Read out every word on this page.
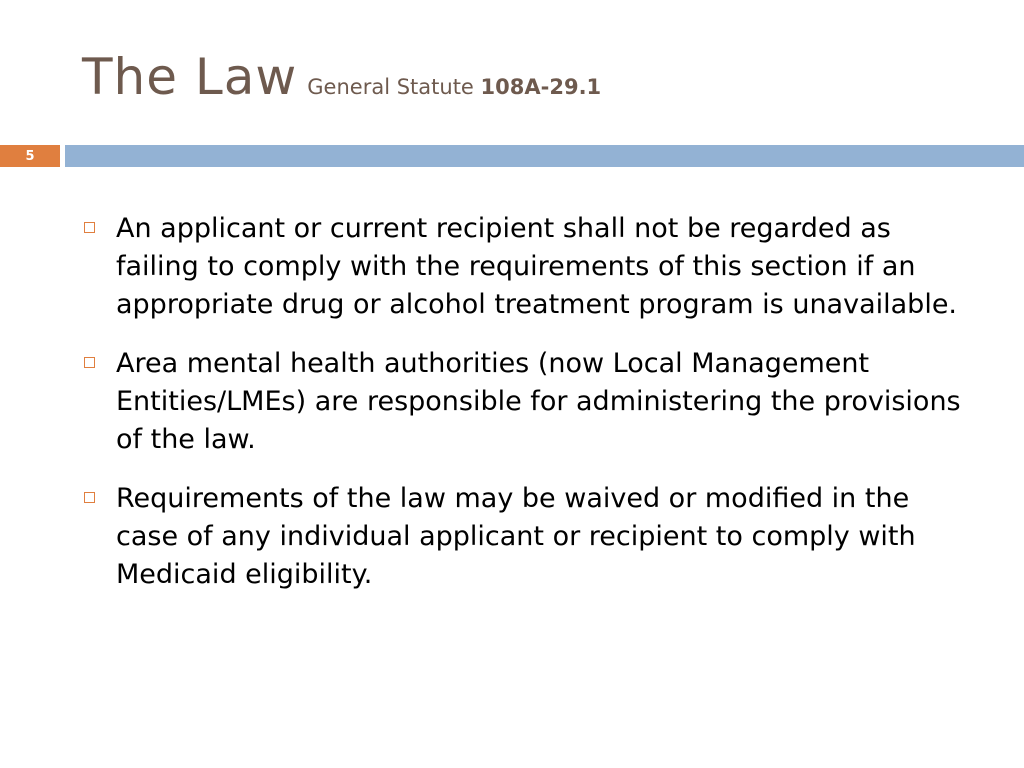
The Law General Statute 108A-29.1
5
An applicant or current recipient shall not be regarded as failing to comply with the requirements of this section if an appropriate drug or alcohol treatment program is unavailable.
Area mental health authorities (now Local Management Entities/LMEs) are responsible for administering the provisions of the law.
Requirements of the law may be waived or modified in the case of any individual applicant or recipient to comply with Medicaid eligibility.
